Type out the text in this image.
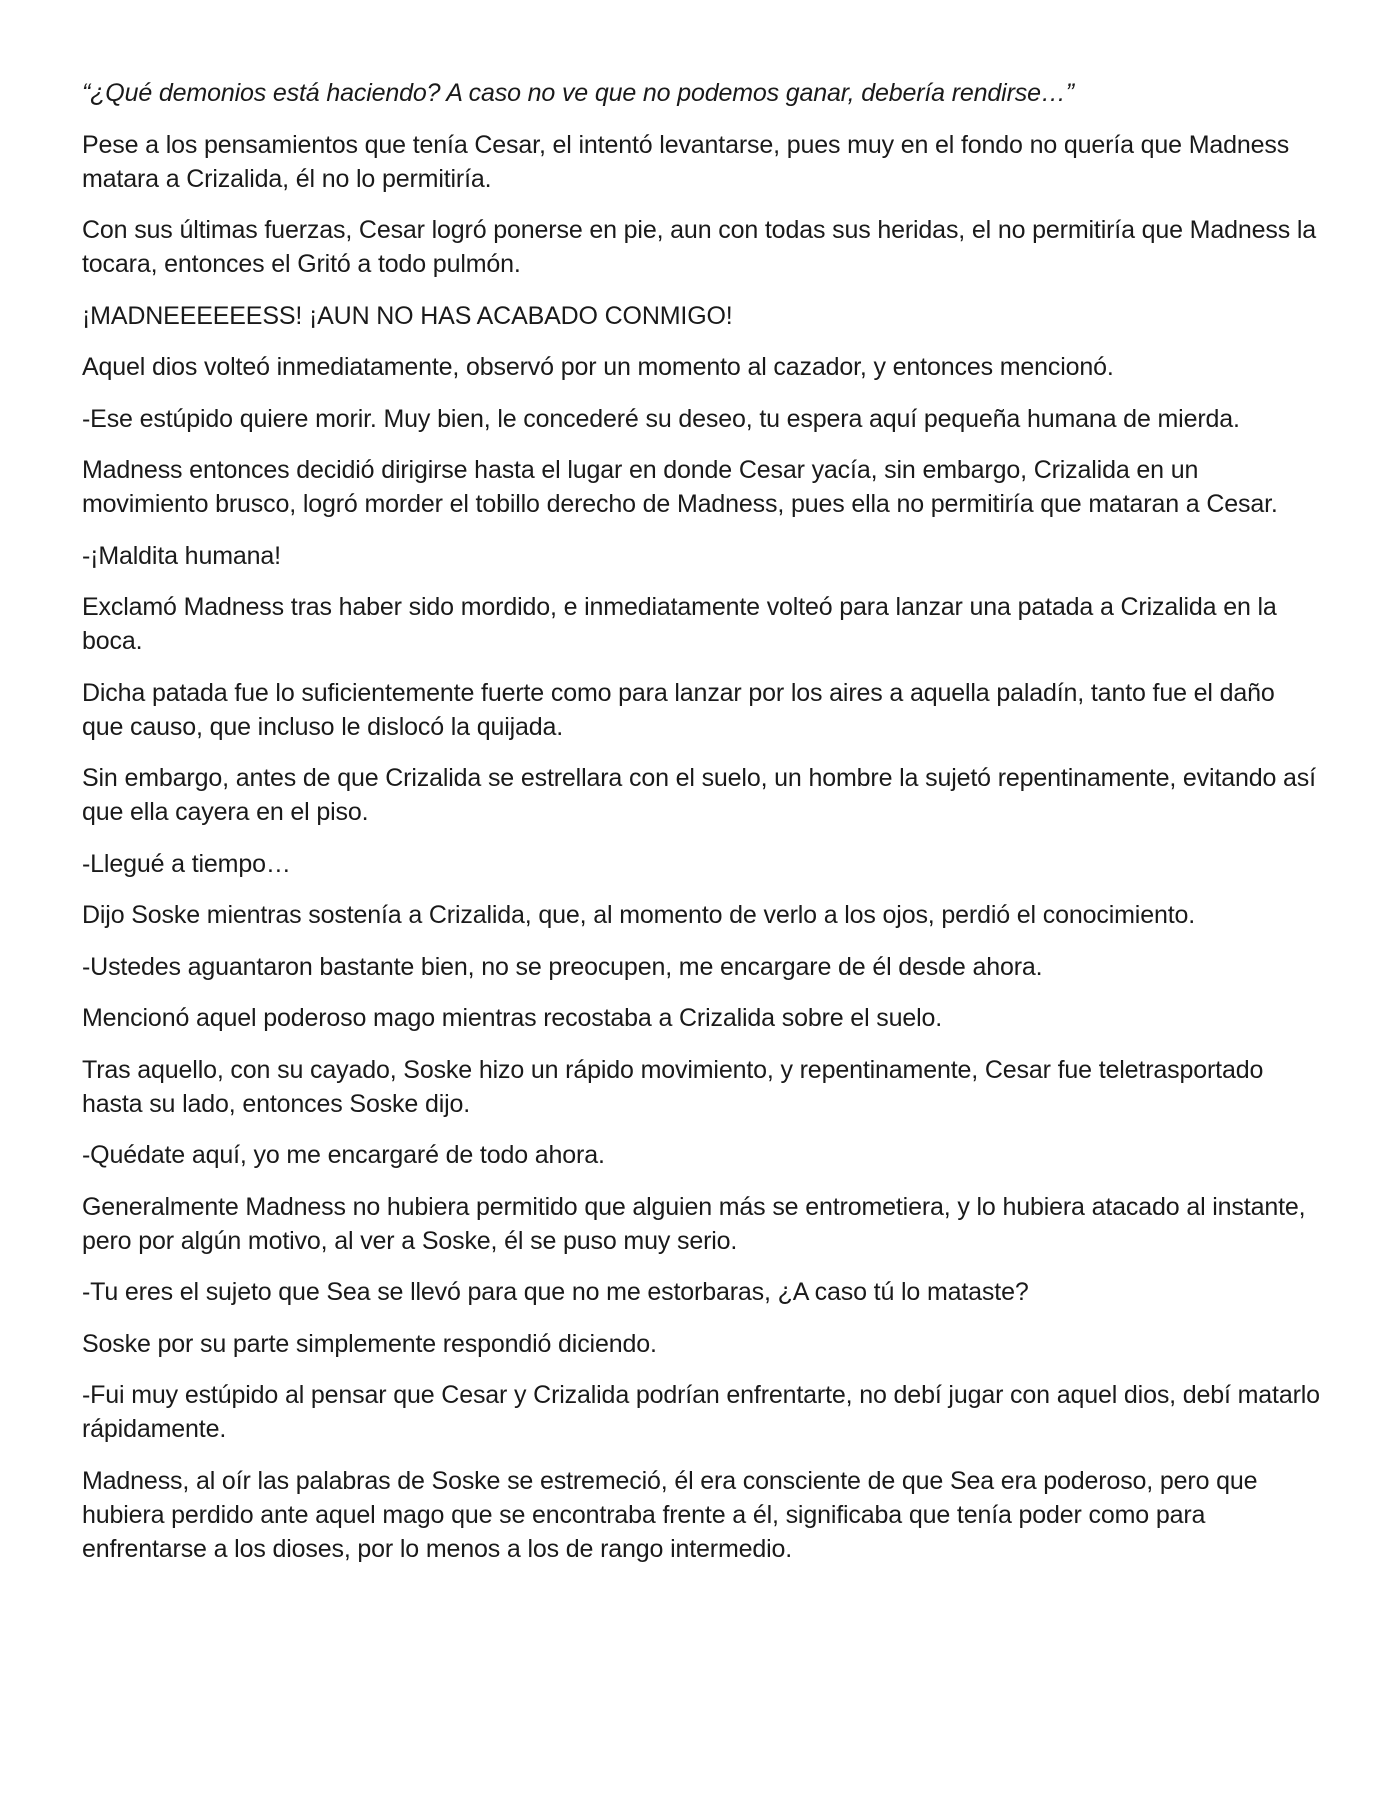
“¿Qué demonios está haciendo? A caso no ve que no podemos ganar, debería rendirse…”

Pese a los pensamientos que tenía Cesar, el intentó levantarse, pues muy en el fondo no quería que Madness matara a Crizalida, él no lo permitiría.

Con sus últimas fuerzas, Cesar logró ponerse en pie, aun con todas sus heridas, el no permitiría que Madness la tocara, entonces el Gritó a todo pulmón.

¡MADNEEEEEESS! ¡AUN NO HAS ACABADO CONMIGO!

Aquel dios volteó inmediatamente, observó por un momento al cazador, y entonces mencionó.

-Ese estúpido quiere morir. Muy bien, le concederé su deseo, tu espera aquí pequeña humana de mierda.

Madness entonces decidió dirigirse hasta el lugar en donde Cesar yacía, sin embargo, Crizalida en un movimiento brusco, logró morder el tobillo derecho de Madness, pues ella no permitiría que mataran a Cesar.

-¡Maldita humana!

Exclamó Madness tras haber sido mordido, e inmediatamente volteó para lanzar una patada a Crizalida en la boca.

Dicha patada fue lo suficientemente fuerte como para lanzar por los aires a aquella paladín, tanto fue el daño que causo, que incluso le dislocó la quijada.

Sin embargo, antes de que Crizalida se estrellara con el suelo, un hombre la sujetó repentinamente, evitando así que ella cayera en el piso.

-Llegué a tiempo…

Dijo Soske mientras sostenía a Crizalida, que, al momento de verlo a los ojos, perdió el conocimiento.

-Ustedes aguantaron bastante bien, no se preocupen, me encargare de él desde ahora.

Mencionó aquel poderoso mago mientras recostaba a Crizalida sobre el suelo.

Tras aquello, con su cayado, Soske hizo un rápido movimiento, y repentinamente, Cesar fue teletrasportado hasta su lado, entonces Soske dijo.

-Quédate aquí, yo me encargaré de todo ahora.

Generalmente Madness no hubiera permitido que alguien más se entrometiera, y lo hubiera atacado al instante, pero por algún motivo, al ver a Soske, él se puso muy serio.

-Tu eres el sujeto que Sea se llevó para que no me estorbaras, ¿A caso tú lo mataste?

Soske por su parte simplemente respondió diciendo.

-Fui muy estúpido al pensar que Cesar y Crizalida podrían enfrentarte, no debí jugar con aquel dios, debí matarlo rápidamente.

Madness, al oír las palabras de Soske se estremeció, él era consciente de que Sea era poderoso, pero que hubiera perdido ante aquel mago que se encontraba frente a él, significaba que tenía poder como para enfrentarse a los dioses, por lo menos a los de rango intermedio.
